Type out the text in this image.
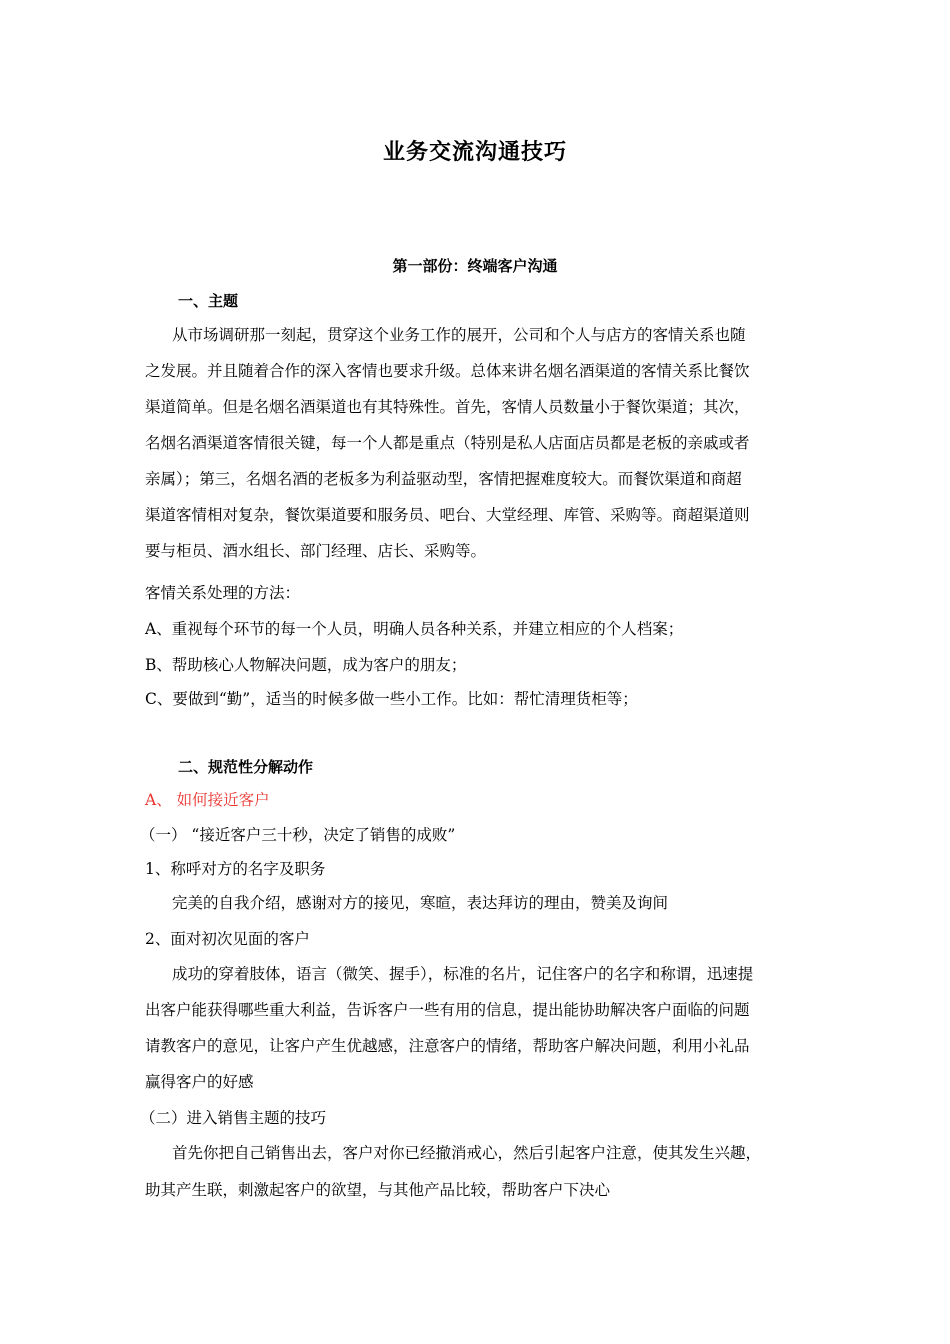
业务交流沟通技巧
第一部份：终端客户沟通
一、主题
从市场调研那一刻起，贯穿这个业务工作的展开，公司和个人与店方的客情关系也随
之发展。并且随着合作的深入客情也要求升级。总体来讲名烟名酒渠道的客情关系比餐饮
渠道简单。但是名烟名酒渠道也有其特殊性。首先，客情人员数量小于餐饮渠道；其次，
名烟名酒渠道客情很关键，每一个人都是重点（特别是私人店面店员都是老板的亲戚或者
亲属）；第三，名烟名酒的老板多为利益驱动型，客情把握难度较大。而餐饮渠道和商超
渠道客情相对复杂，餐饮渠道要和服务员、吧台、大堂经理、库管、采购等。商超渠道则
要与柜员、酒水组长、部门经理、店长、采购等。
客情关系处理的方法：
A、重视每个环节的每一个人员，明确人员各种关系，并建立相应的个人档案；
B、帮助核心人物解决问题，成为客户的朋友；
C、要做到“勤”，适当的时候多做一些小工作。比如：帮忙清理货柜等；
二、规范性分解动作
A、 如何接近客户
（一） “接近客户三十秒，决定了销售的成败”
1、称呼对方的名字及职务
完美的自我介绍，感谢对方的接见，寒暄，表达拜访的理由，赞美及询间
2、面对初次见面的客户
成功的穿着肢体，语言（微笑、握手），标准的名片，记住客户的名字和称谓，迅速提
出客户能获得哪些重大利益，告诉客户一些有用的信息，提出能协助解决客户面临的问题
请教客户的意见，让客户产生优越感，注意客户的情绪，帮助客户解决问题，利用小礼品
赢得客户的好感
（二）进入销售主题的技巧
首先你把自己销售出去，客户对你已经撤消戒心，然后引起客户注意，使其发生兴趣，
助其产生联，刺激起客户的欲望，与其他产品比较，帮助客户下决心
